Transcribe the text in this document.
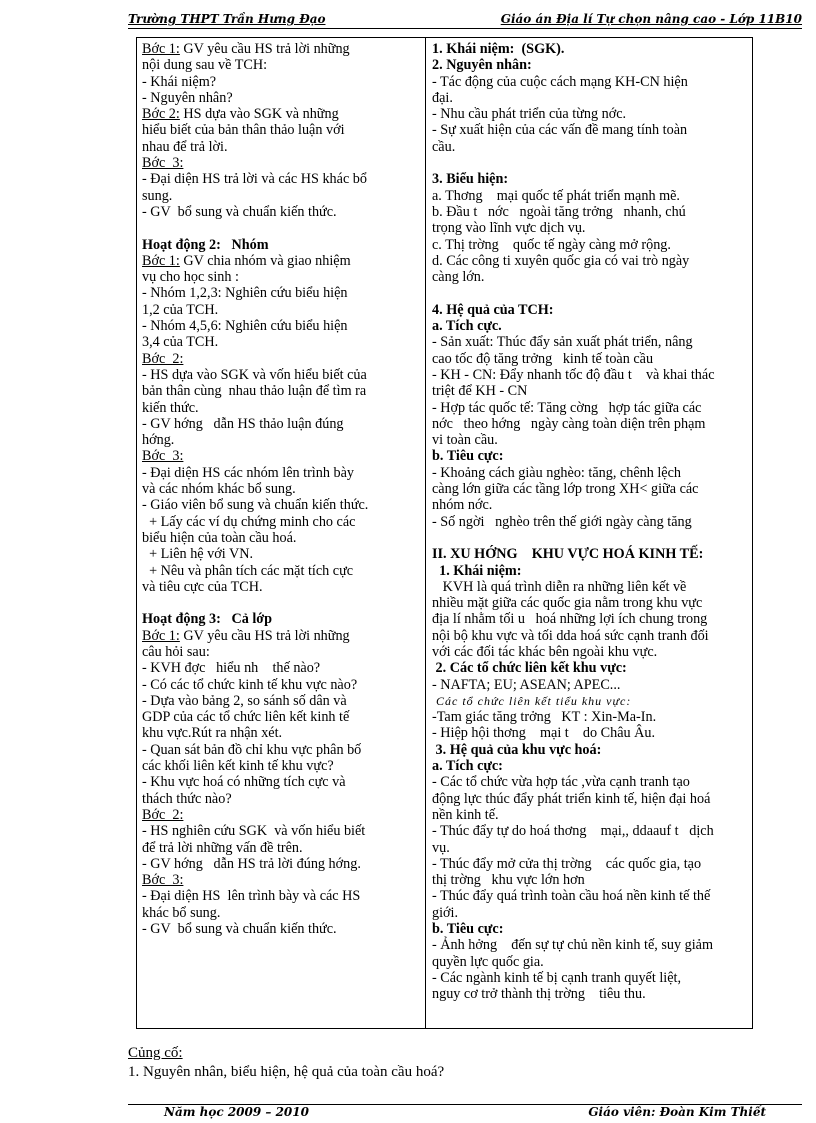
Trường THPT Trần Hưng Đạo	Giáo án Địa lí Tự chọn nâng cao - Lớp 11B10
Bớc 1: GV yêu cầu HS trả lời những
nội dung sau về TCH:
- Khái niệm?
- Nguyên nhân?
Bớc 2: HS dựa vào SGK và những
hiểu biết của bản thân thảo luận với
nhau để trả lời.
Bớc  3:
- Đại diện HS trả lời và các HS khác bổ
sung.
- GV  bổ sung và chuẩn kiến thức.
Hoạt động 2:   Nhóm
Bớc 1: GV chia nhóm và giao nhiệm
vụ cho học sinh :
- Nhóm 1,2,3: Nghiên cứu biểu hiện
1,2 của TCH.
- Nhóm 4,5,6: Nghiên cứu biểu hiện
3,4 của TCH.
Bớc  2:
- HS dựa vào SGK và vốn hiểu biết của
bản thân cùng  nhau thảo luận để tìm ra
kiến thức.
- GV hớng   dẫn HS thảo luận đúng
hớng.
Bớc  3:
- Đại diện HS các nhóm lên trình bày
và các nhóm khác bổ sung.
- Giáo viên bổ sung và chuẩn kiến thức.
+ Lấy các ví dụ chứng minh cho các
biểu hiện của toàn cầu hoá.
+ Liên hệ với VN.
+ Nêu và phân tích các mặt tích cực
và tiêu cực của TCH.
Hoạt động 3:   Cả lớp
Bớc 1: GV yêu cầu HS trả lời những
câu hỏi sau:
- KVH đợc   hiểu nh    thế nào?
- Có các tổ chức kinh tế khu vực nào?
- Dựa vào bảng 2, so sánh số dân và
GDP của các tổ chức liên kết kinh tế
khu vực.Rút ra nhận xét.
- Quan sát bản đồ chỉ khu vực phân bố
các khối liên kết kinh tế khu vực?
- Khu vực hoá có những tích cực và
thách thức nào?
Bớc  2:
- HS nghiên cứu SGK  và vốn hiểu biết
để trả lời những vấn đề trên.
- GV hớng   dẫn HS trả lời đúng hớng.
Bớc  3:
- Đại diện HS  lên trình bày và các HS
khác bổ sung.
- GV  bổ sung và chuẩn kiến thức.
1. Khái niệm:  (SGK).
2. Nguyên nhân:
- Tác động của cuộc cách mạng KH-CN hiện
đại.
- Nhu cầu phát triển của từng nớc.
- Sự xuất hiện của các vấn đề mang tính toàn
cầu.
3. Biểu hiện:
a. Thơng    mại quốc tế phát triển mạnh mẽ.
b. Đầu t   nớc   ngoài tăng trởng   nhanh, chú
trọng vào lĩnh vực dịch vụ.
c. Thị trờng    quốc tế ngày càng mở rộng.
d. Các công ti xuyên quốc gia có vai trò ngày
càng lớn.
4. Hệ quả của TCH:
a. Tích cực.
- Sản xuất: Thúc đẩy sản xuất phát triển, nâng
cao tốc độ tăng trởng   kinh tế toàn cầu
- KH - CN: Đẩy nhanh tốc độ đầu t    và khai thác
triệt để KH - CN
- Hợp tác quốc tế: Tăng cờng   hợp tác giữa các
nớc   theo hớng   ngày càng toàn diện trên phạm
vi toàn cầu.
b. Tiêu cực:
- Khoảng cách giàu nghèo: tăng, chênh lệch
càng lớn giữa các tầng lớp trong XH< giữa các
nhóm nớc.
- Số ngời   nghèo trên thế giới ngày càng tăng
II. XU HỚNG    KHU VỰC HOÁ KINH TẾ:
1. Khái niệm:
KVH là quá trình diễn ra những liên kết về
nhiều mặt giữa các quốc gia nằm trong khu vực
địa lí nhằm tối u   hoá những lợi ích chung trong
nội bộ khu vực và tối dda hoá sức cạnh tranh đối
với các đối tác khác bên ngoài khu vực.
2. Các tổ chức liên kết khu vực:
- NAFTA; EU; ASEAN; APEC...
Các tổ chức liên kết tiểu khu vực:
-Tam giác tăng trởng   KT : Xin-Ma-In.
- Hiệp hội thơng    mại t    do Châu Âu.
3. Hệ quả của khu vực hoá:
a. Tích cực:
- Các tổ chức vừa hợp tác ,vừa cạnh tranh tạo
động lực thúc đẩy phát triển kinh tế, hiện đại hoá
nền kinh tế.
- Thúc đẩy tự do hoá thơng    mại,, ddaauf t   dịch
vụ.
- Thúc đẩy mở cửa thị trờng    các quốc gia, tạo
thị trờng   khu vực lớn hơn
- Thúc đẩy quá trình toàn cầu hoá nền kinh tế thế
giới.
b. Tiêu cực:
- Ảnh hởng    đến sự tự chủ nền kinh tế, suy giảm
quyền lực quốc gia.
- Các ngành kinh tế bị cạnh tranh quyết liệt,
nguy cơ trở thành thị trờng    tiêu thu.
Củng cố:
1. Nguyên nhân, biểu hiện, hệ quả của toàn cầu hoá?
Năm học 2009 – 2010	Giáo viên: Đoàn Kim Thiết
